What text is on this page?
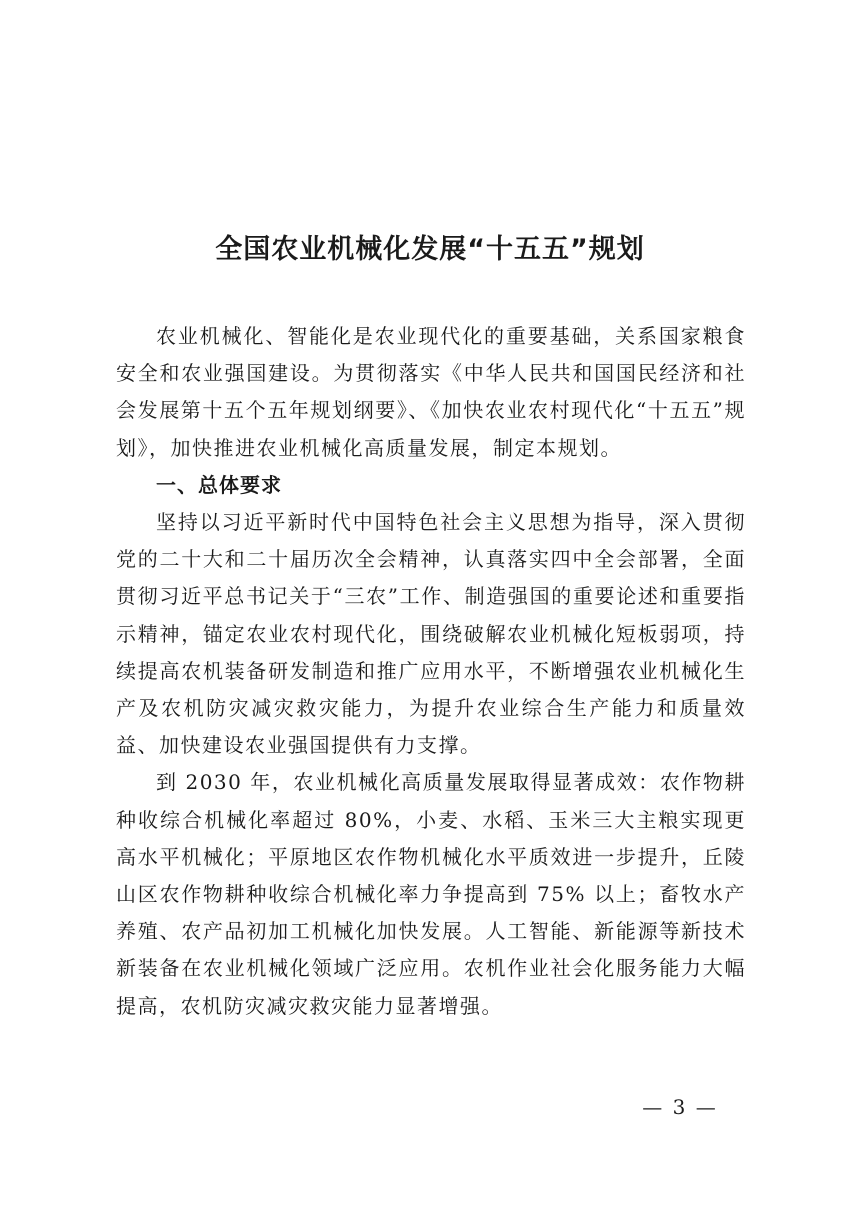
全国农业机械化发展“十五五”规划

农业机械化、智能化是农业现代化的重要基础，关系国家粮食安全和农业强国建设。为贯彻落实《中华人民共和国国民经济和社会发展第十五个五年规划纲要》、《加快农业农村现代化“十五五”规划》，加快推进农业机械化高质量发展，制定本规划。

一、总体要求

坚持以习近平新时代中国特色社会主义思想为指导，深入贯彻党的二十大和二十届历次全会精神，认真落实四中全会部署，全面贯彻习近平总书记关于“三农”工作、制造强国的重要论述和重要指示精神，锚定农业农村现代化，围绕破解农业机械化短板弱项，持续提高农机装备研发制造和推广应用水平，不断增强农业机械化生产及农机防灾减灾救灾能力，为提升农业综合生产能力和质量效益、加快建设农业强国提供有力支撑。

到 2030 年，农业机械化高质量发展取得显著成效：农作物耕种收综合机械化率超过 80%，小麦、水稻、玉米三大主粮实现更高水平机械化；平原地区农作物机械化水平质效进一步提升，丘陵山区农作物耕种收综合机械化率力争提高到 75% 以上；畜牧水产养殖、农产品初加工机械化加快发展。人工智能、新能源等新技术新装备在农业机械化领域广泛应用。农机作业社会化服务能力大幅提高，农机防灾减灾救灾能力显著增强。

— 3 —
